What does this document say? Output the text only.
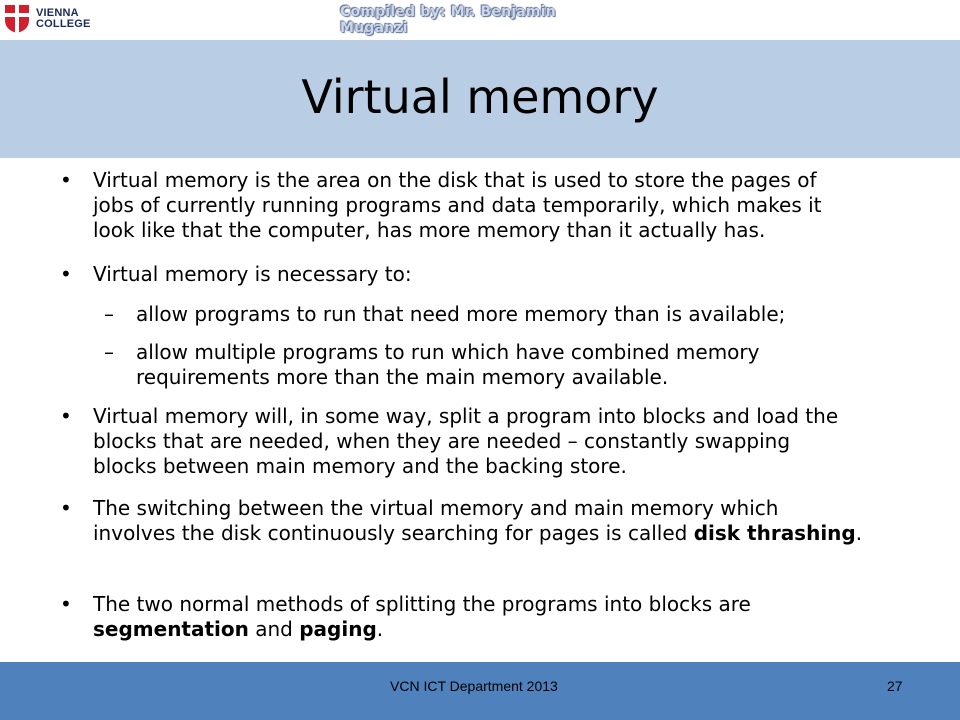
VIENNA
COLLEGE
Compiled by: Mr. Benjamin Muganzi
Virtual memory
• Virtual memory is the area on the disk that is used to store the pages of
jobs of currently running programs and data temporarily, which makes it
look like that the computer, has more memory than it actually has.
• Virtual memory is necessary to:
– allow programs to run that need more memory than is available;
– allow multiple programs to run which have combined memory
requirements more than the main memory available.
• Virtual memory will, in some way, split a program into blocks and load the
blocks that are needed, when they are needed – constantly swapping
blocks between main memory and the backing store.
• The switching between the virtual memory and main memory which
involves the disk continuously searching for pages is called disk thrashing.
• The two normal methods of splitting the programs into blocks are
segmentation and paging.
VCN ICT Department 2013	27
